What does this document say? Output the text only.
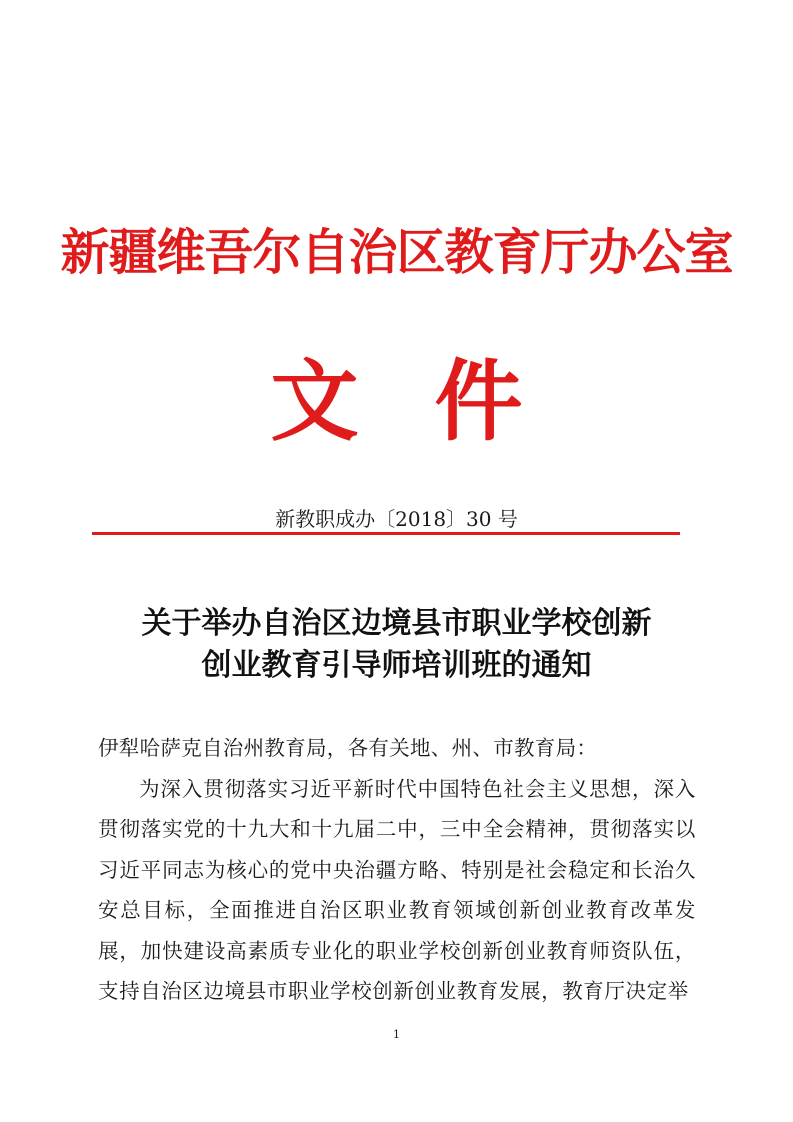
新疆维吾尔自治区教育厅办公室
文件
新教职成办〔2018〕30 号
关于举办自治区边境县市职业学校创新
创业教育引导师培训班的通知

伊犁哈萨克自治州教育局，各有关地、州、市教育局：

为深入贯彻落实习近平新时代中国特色社会主义思想，深入贯彻落实党的十九大和十九届二中，三中全会精神，贯彻落实以习近平同志为核心的党中央治疆方略、特别是社会稳定和长治久安总目标，全面推进自治区职业教育领域创新创业教育改革发展，加快建设高素质专业化的职业学校创新创业教育师资队伍，支持自治区边境县市职业学校创新创业教育发展，教育厅决定举

1
